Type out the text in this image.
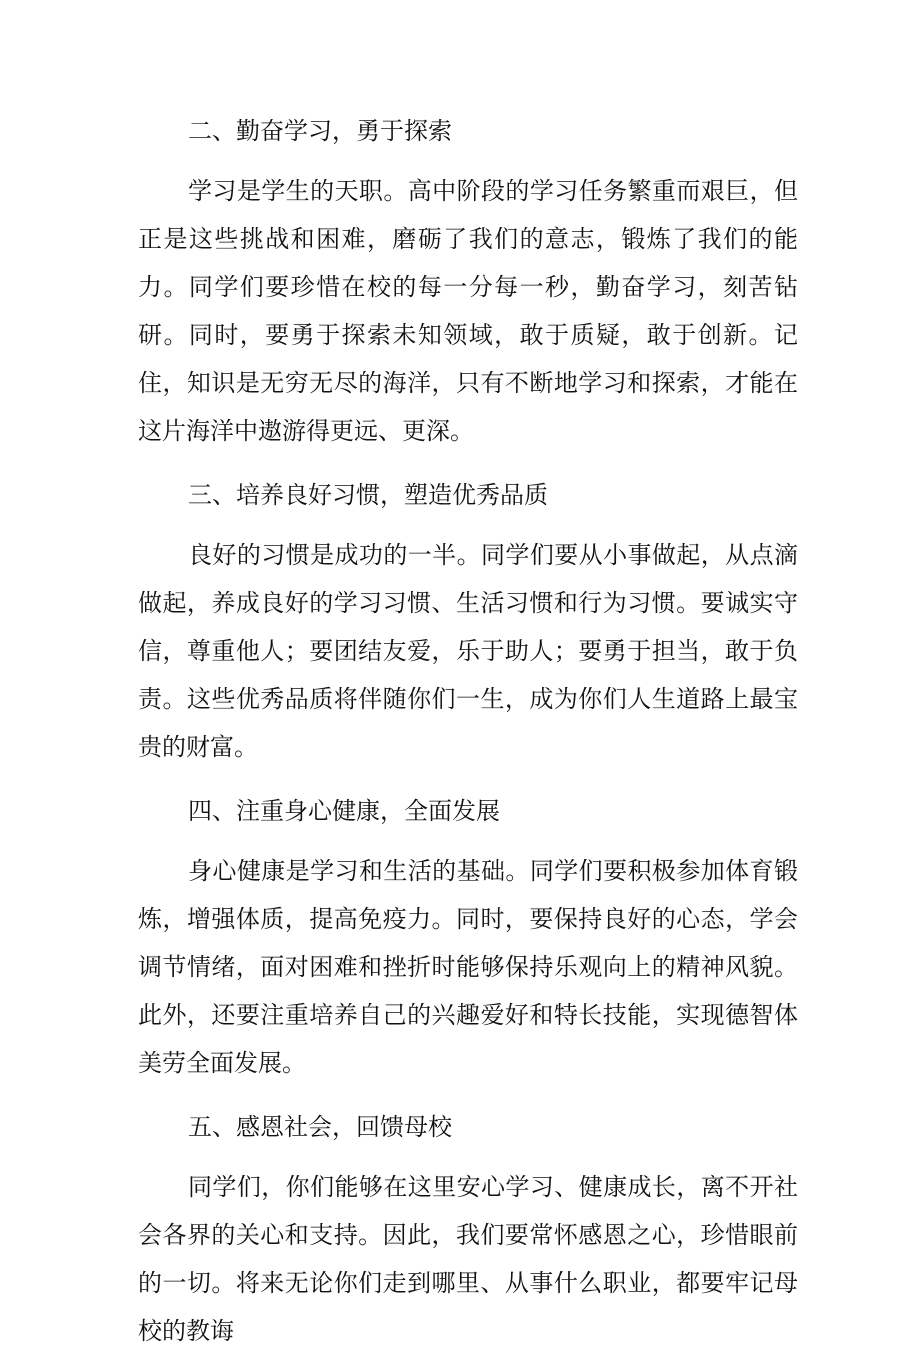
二、勤奋学习，勇于探索

学习是学生的天职。高中阶段的学习任务繁重而艰巨，但正是这些挑战和困难，磨砺了我们的意志，锻炼了我们的能力。同学们要珍惜在校的每一分每一秒，勤奋学习，刻苦钻研。同时，要勇于探索未知领域，敢于质疑，敢于创新。记住，知识是无穷无尽的海洋，只有不断地学习和探索，才能在这片海洋中遨游得更远、更深。

三、培养良好习惯，塑造优秀品质

良好的习惯是成功的一半。同学们要从小事做起，从点滴做起，养成良好的学习习惯、生活习惯和行为习惯。要诚实守信，尊重他人；要团结友爱，乐于助人；要勇于担当，敢于负责。这些优秀品质将伴随你们一生，成为你们人生道路上最宝贵的财富。

四、注重身心健康，全面发展

身心健康是学习和生活的基础。同学们要积极参加体育锻炼，增强体质，提高免疫力。同时，要保持良好的心态，学会调节情绪，面对困难和挫折时能够保持乐观向上的精神风貌。此外，还要注重培养自己的兴趣爱好和特长技能，实现德智体美劳全面发展。

五、感恩社会，回馈母校

同学们，你们能够在这里安心学习、健康成长，离不开社会各界的关心和支持。因此，我们要常怀感恩之心，珍惜眼前的一切。将来无论你们走到哪里、从事什么职业，都要牢记母校的教诲
